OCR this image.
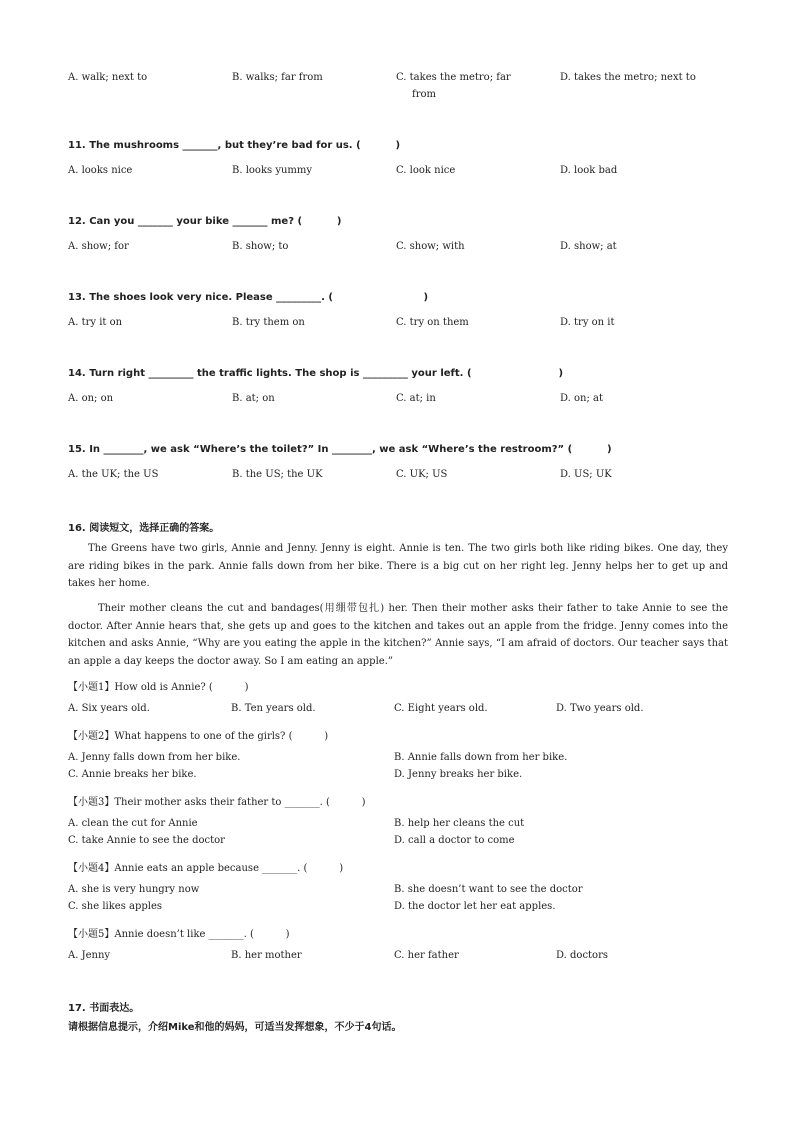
A. walk; next to	B. walks; far from	C. takes the metro; far
from
D. takes the metro; next to
11. The mushrooms _______, but they’re bad for us. (          )
A. looks nice	B. looks yummy	C. look nice	D. look bad
12. Can you _______ your bike _______ me? (          )
A. show; for	B. show; to	C. show; with	D. show; at
13. The shoes look very nice. Please _________. (                          )
A. try it on	B. try them on	C. try on them	D. try on it
14. Turn right _________ the traffic lights. The shop is _________ your left. (                         )
A. on; on	B. at; on	C. at; in	D. on; at
15. In ________, we ask “Where’s the toilet?” In ________, we ask “Where’s the restroom?” (          )
A. the UK; the US	B. the US; the UK	C. UK; US	D. US; UK
16. 阅读短文，选择正确的答案。
The Greens have two girls, Annie and Jenny. Jenny is eight. Annie is ten. The two girls both like riding bikes. One day, they are riding bikes in the park. Annie falls down from her bike. There is a big cut on her right leg. Jenny helps her to get up and takes her home.
Their mother cleans the cut and bandages(用绷带包扎) her. Then their mother asks their father to take Annie to see the doctor. After Annie hears that, she gets up and goes to the kitchen and takes out an apple from the fridge. Jenny comes into the kitchen and asks Annie, “Why are you eating the apple in the kitchen?” Annie says, “I am afraid of doctors. Our teacher says that an apple a day keeps the doctor away. So I am eating an apple.”
【小题1】How old is Annie? (          )
A. Six years old.	B. Ten years old.	C. Eight years old.	D. Two years old.
【小题2】What happens to one of the girls? (          )
A. Jenny falls down from her bike.	B. Annie falls down from her bike.
C. Annie breaks her bike.	D. Jenny breaks her bike.
【小题3】Their mother asks their father to _______. (          )
A. clean the cut for Annie	B. help her cleans the cut
C. take Annie to see the doctor	D. call a doctor to come
【小题4】Annie eats an apple because _______. (          )
A. she is very hungry now	B. she doesn’t want to see the doctor
C. she likes apples	D. the doctor let her eat apples.
【小题5】Annie doesn’t like _______. (          )
A. Jenny	B. her mother	C. her father	D. doctors
17. 书面表达。
请根据信息提示，介绍Mike和他的妈妈，可适当发挥想象，不少于4句话。
